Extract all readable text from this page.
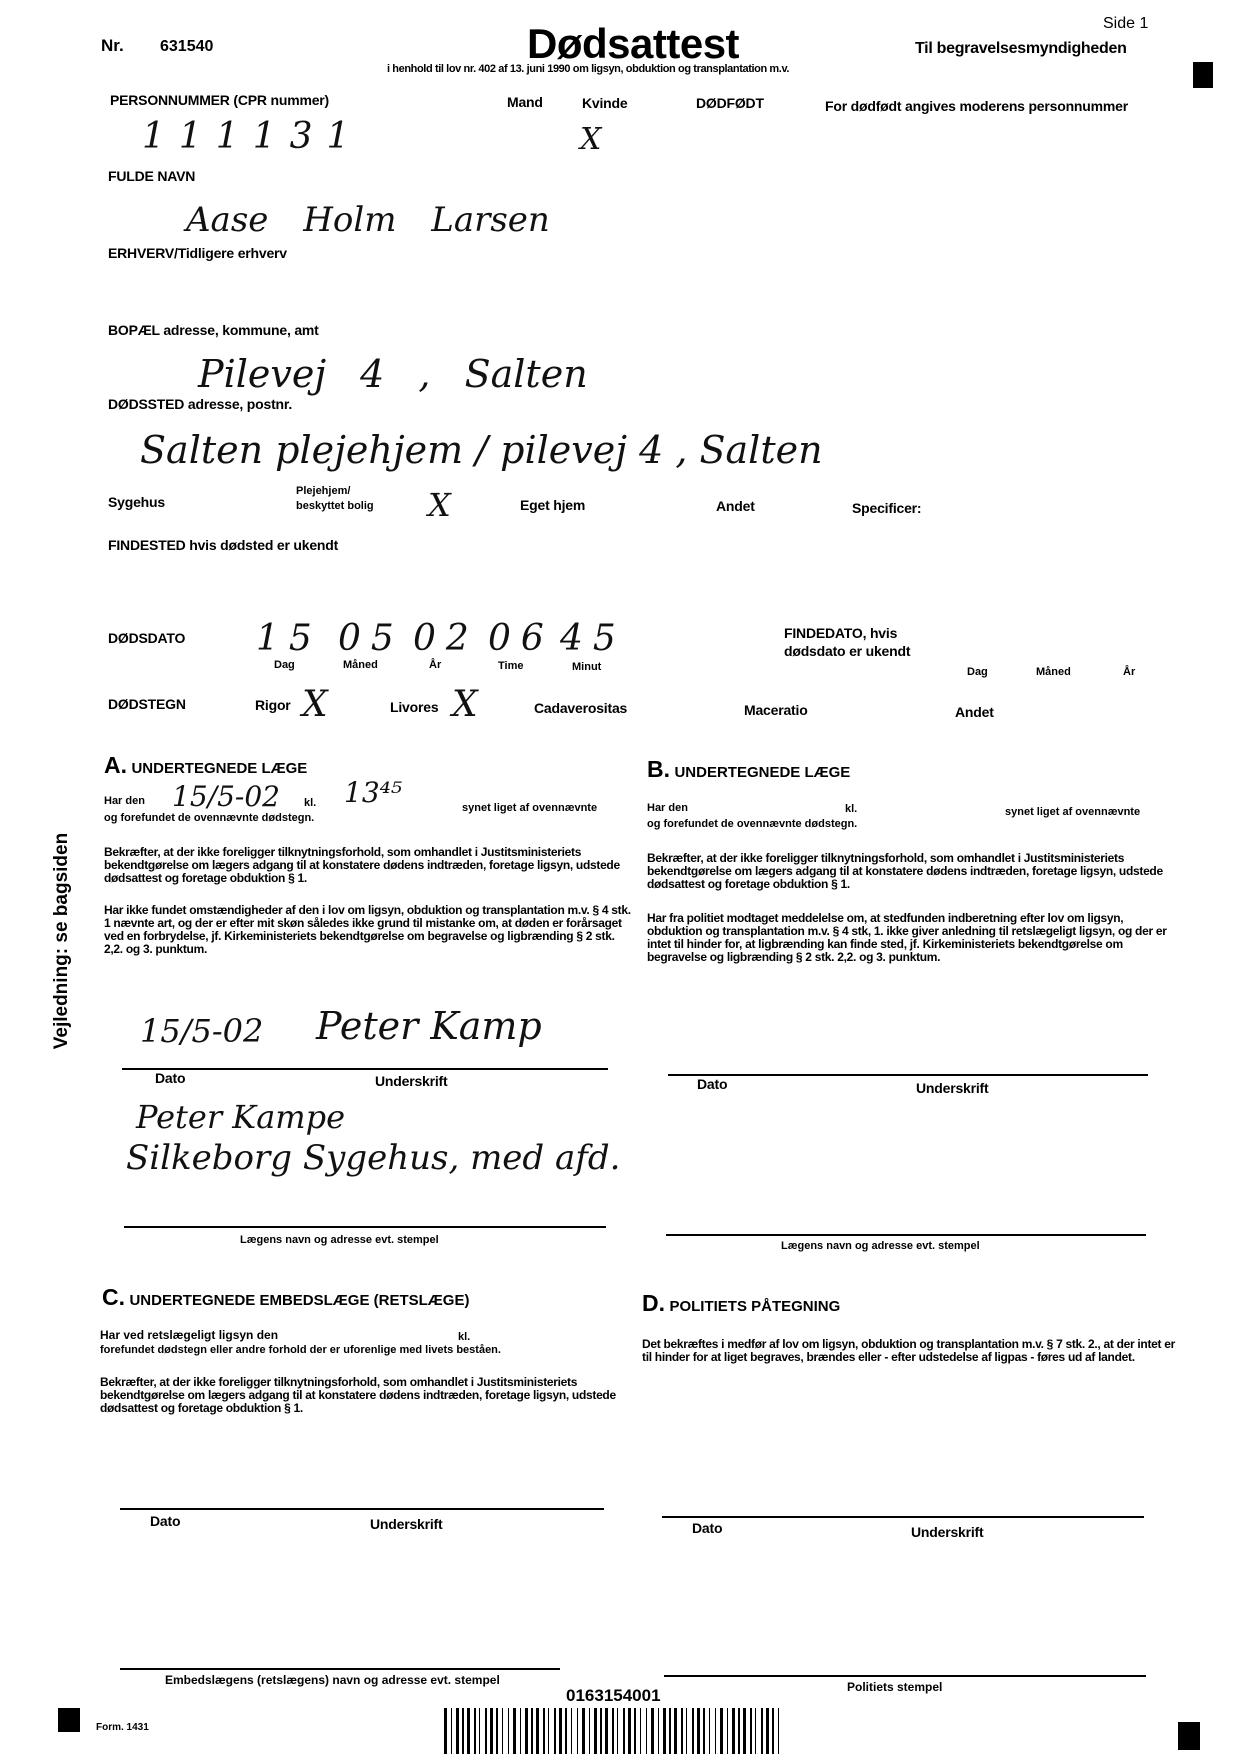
Nr. 631540	Dødsattest
i henhold til lov nr. 402 af 13. juni 1990 om ligsyn, obduktion og transplantation m.v.
Side 1
Til begravelsesmyndigheden
PERSONNUMMER (CPR nummer)	Mand	Kvinde	DØDFØDT	For dødfødt angives moderens personnummer
111131	X
FULDE NAVN
Aase Holm Larsen
ERHVERV/Tidligere erhverv
BOPÆL adresse, kommune, amt
Pilevej 4 , Salten
DØDSSTED adresse, postnr.
Salten plejehjem / pilevej 4 , Salten
Sygehus
Plejehjem/
beskyttet bolig X	Eget hjem	Andet	Specificer:
FINDESTED hvis dødsted er ukendt
DØDSDATO 15 05 02 06 45
Dag	Måned	År	Time	Minut
FINDEDATO, hvis
dødsdato er ukendt
Dag	Måned	År
DØDSTEGN	Rigor X	Livores X	Cadaverositas	Maceratio	Andet
Vejledning: se bagsiden
A. UNDERTEGNEDE LÆGE
Har den 15/5-02 kl. 13⁴⁵	synet liget af ovennævnte
og forefundet de ovennævnte dødstegn.
Bekræfter, at der ikke foreligger tilknytningsforhold, som omhandlet i Justitsministeriets bekendtgørelse om lægers adgang til at konstatere dødens indtræden, foretage ligsyn, udstede dødsattest og foretage obduktion § 1.
Har ikke fundet omstændigheder af den i lov om ligsyn, obduktion og transplantation m.v. § 4 stk. 1 nævnte art, og der er efter mit skøn således ikke grund til mistanke om, at døden er forårsaget ved en forbrydelse, jf. Kirkeministeriets bekendtgørelse om begravelse og ligbrænding § 2 stk. 2,2. og 3. punktum.
15/5-02 Peter Kamp
Dato	Underskrift
Peter Kampe
Silkeborg Sygehus, med afd.
Lægens navn og adresse evt. stempel
B. UNDERTEGNEDE LÆGE
Har den	kl.	synet liget af ovennævnte
og forefundet de ovennævnte dødstegn.
Bekræfter, at der ikke foreligger tilknytningsforhold, som omhandlet i Justitsministeriets bekendtgørelse om lægers adgang til at konstatere dødens indtræden, foretage ligsyn, udstede dødsattest og foretage obduktion § 1.
Har fra politiet modtaget meddelelse om, at stedfunden indberetning efter lov om ligsyn, obduktion og transplantation m.v. § 4 stk, 1. ikke giver anledning til retslægeligt ligsyn, og der er intet til hinder for, at ligbrænding kan finde sted, jf. Kirkeministeriets bekendtgørelse om begravelse og ligbrænding § 2 stk. 2,2. og 3. punktum.
Dato	Underskrift
Lægens navn og adresse evt. stempel
C. UNDERTEGNEDE EMBEDSLÆGE (RETSLÆGE)
Har ved retslægeligt ligsyn den	kl.
forefundet dødstegn eller andre forhold der er uforenlige med livets beståen.
Bekræfter, at der ikke foreligger tilknytningsforhold, som omhandlet i Justitsministeriets bekendtgørelse om lægers adgang til at konstatere dødens indtræden, foretage ligsyn, udstede dødsattest og foretage obduktion § 1.
Dato	Underskrift
Embedslægens (retslægens) navn og adresse evt. stempel
D. POLITIETS PÅTEGNING
Det bekræftes i medfør af lov om ligsyn, obduktion og transplantation m.v. § 7 stk. 2., at der intet er til hinder for at liget begraves, brændes eller - efter udstedelse af ligpas - føres ud af landet.
Dato	Underskrift
Politiets stempel
Form. 1431
0163154001
